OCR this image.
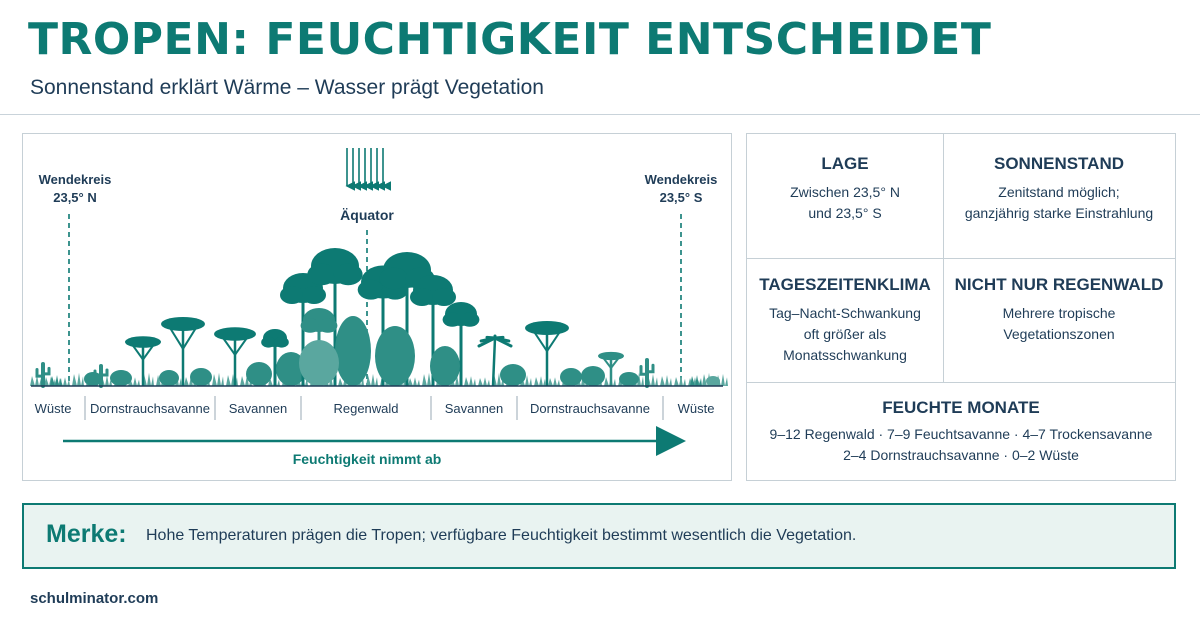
TROPEN: FEUCHTIGKEIT ENTSCHEIDET
Sonnenstand erklärt Wärme – Wasser prägt Vegetation
Wendekreis
23,5° N
Wendekreis
23,5° S
Äquator
Wüste Dornstrauchsavanne Savannen	Regenwald	Savannen Dornstrauchsavanne Wüste
Feuchtigkeit nimmt ab
LAGE
Zwischen 23,5° N
und 23,5° S
SONNENSTAND
Zenitstand möglich;
ganzjährig starke Einstrahlung
TAGESZEITENKLIMA
Tag–Nacht-Schwankung
oft größer als
Monatsschwankung
NICHT NUR REGENWALD
Mehrere tropische
Vegetationszonen
FEUCHTE MONATE
9–12 Regenwald · 7–9 Feuchtsavanne · 4–7 Trockensavanne
2–4 Dornstrauchsavanne · 0–2 Wüste
Merke: Hohe Temperaturen prägen die Tropen; verfügbare Feuchtigkeit bestimmt wesentlich die Vegetation.
schulminator.com
